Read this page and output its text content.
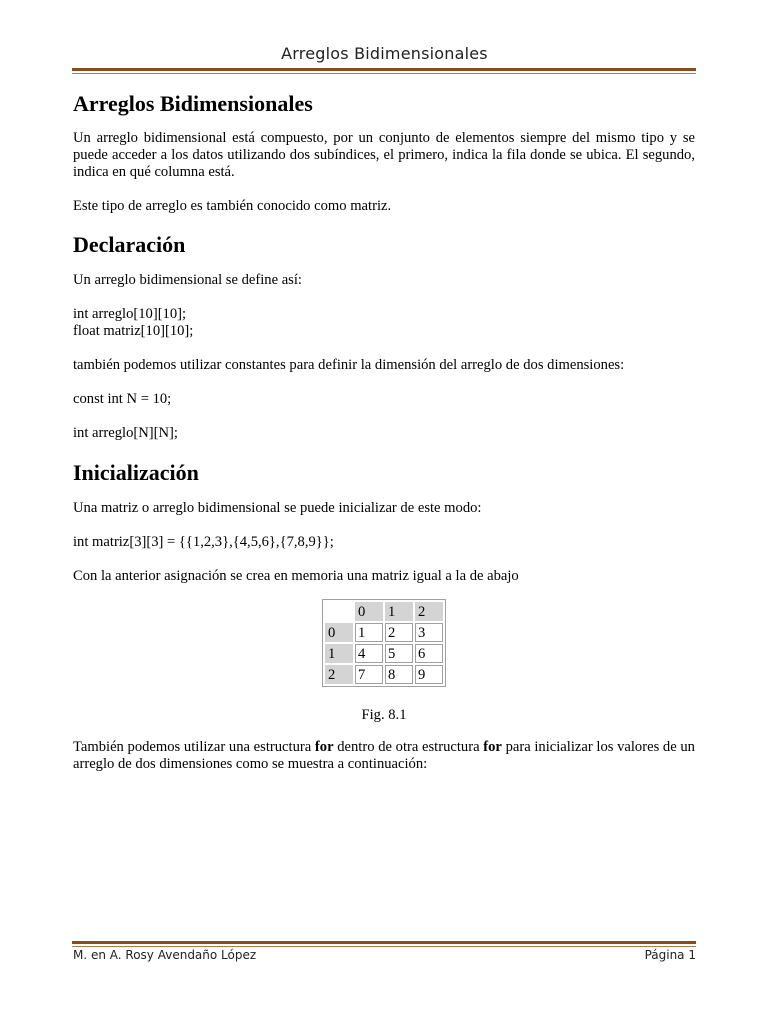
Arreglos Bidimensionales
Arreglos Bidimensionales

Un arreglo bidimensional está compuesto, por un conjunto de elementos siempre del mismo tipo y se puede acceder a los datos utilizando dos subíndices, el primero, indica la fila donde se ubica. El segundo, indica en qué columna está.

Este tipo de arreglo es también conocido como matriz.

Declaración

Un arreglo bidimensional se define así:

int arreglo[10][10];
float matriz[10][10];

también podemos utilizar constantes para definir la dimensión del arreglo de dos dimensiones:

const int N = 10;
int arreglo[N][N];
Inicialización

Una matriz o arreglo bidimensional se puede inicializar de este modo:

int matriz[3][3] = {{1,2,3},{4,5,6},{7,8,9}};

Con la anterior asignación se crea en memoria una matriz igual a la de abajo

	0	1	2
0	1	2	3
1	4	5	6
2	7	8	9

Fig. 8.1

También podemos utilizar una estructura for dentro de otra estructura for para inicializar los valores de un arreglo de dos dimensiones como se muestra a continuación:

M. en A. Rosy Avendaño López	Página 1
